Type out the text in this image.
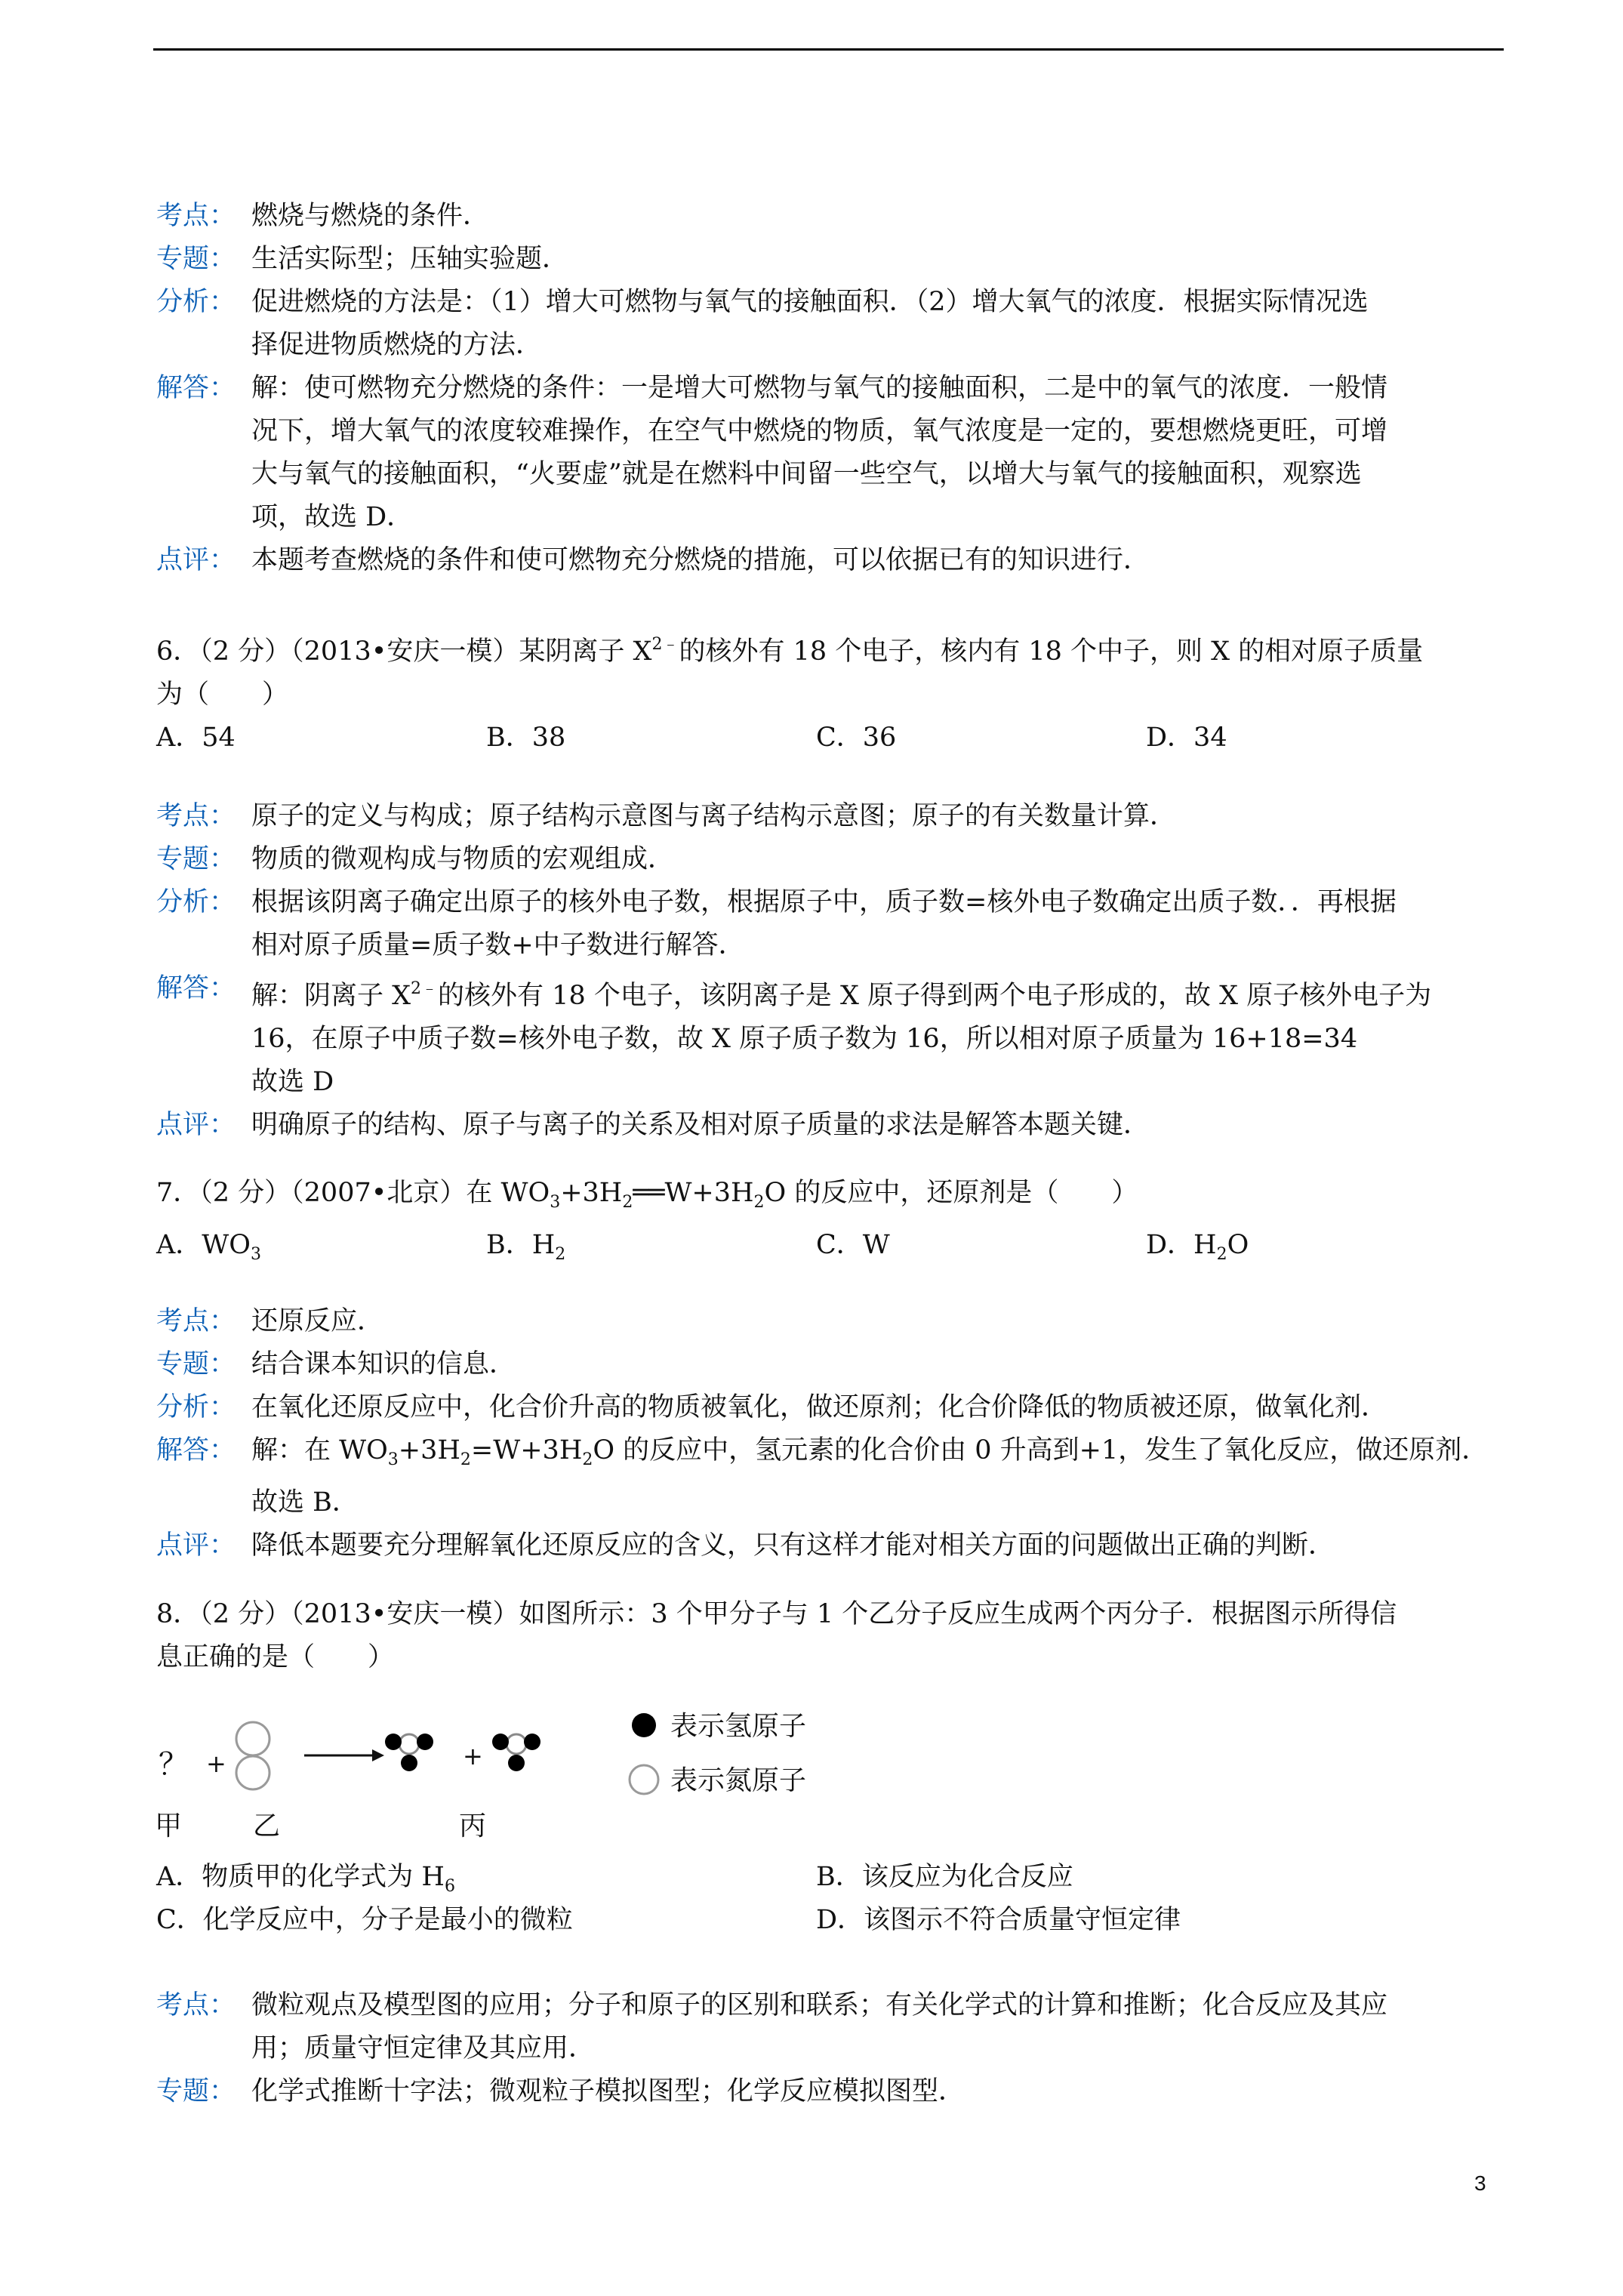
考点： 燃烧与燃烧的条件．
专题： 生活实际型；压轴实验题．
分析： 促进燃烧的方法是：（1）增大可燃物与氧气的接触面积．（2）增大氧气的浓度．根据实际情况选
择促进物质燃烧的方法．
解答： 解：使可燃物充分燃烧的条件：一是增大可燃物与氧气的接触面积，二是中的氧气的浓度．一般情
况下，增大氧气的浓度较难操作，在空气中燃烧的物质，氧气浓度是一定的，要想燃烧更旺，可增
大与氧气的接触面积，“火要虚”就是在燃料中间留一些空气，以增大与氧气的接触面积，观察选
项，故选 D．
点评： 本题考查燃烧的条件和使可燃物充分燃烧的措施，可以依据已有的知识进行．
6．（2 分）（2013•安庆一模）某阴离子 $X^{2﹣}$的核外有 18 个电子，核内有 18 个中子，则 X 的相对原子质量
为（　　）
A．54	B．38	C．36	D．34
考点： 原子的定义与构成；原子结构示意图与离子结构示意图；原子的有关数量计算．
专题： 物质的微观构成与物质的宏观组成．
分析： 根据该阴离子确定出原子的核外电子数，根据原子中，质子数=核外电子数确定出质子数．．再根据
相对原子质量=质子数+中子数进行解答．
解答： 解：阴离子 $X^{2﹣}$的核外有 18 个电子，该阴离子是 X 原子得到两个电子形成的，故 X 原子核外电子为
16，在原子中质子数=核外电子数，故 X 原子质子数为 16，所以相对原子质量为 16+18=34
故选 D
点评： 明确原子的结构、原子与离子的关系及相对原子质量的求法是解答本题关键．
7．（2 分）（2007•北京）在 $WO_3+3H_2══W+3H_2O$ 的反应中，还原剂是（　　）
A．$WO_3$	B．$H_2$	C．W	D．$H_2O$
考点： 还原反应．
专题： 结合课本知识的信息．
分析： 在氧化还原反应中，化合价升高的物质被氧化，做还原剂；化合价降低的物质被还原，做氧化剂．
解答： 解：在 $WO_3+3H_2=W+3H_2O$ 的反应中，氢元素的化合价由 0 升高到+1，发生了氧化反应，做还原剂．
故选 B．
点评： 降低本题要充分理解氧化还原反应的含义，只有这样才能对相关方面的问题做出正确的判断．
8．（2 分）（2013•安庆一模）如图所示：3 个甲分子与 1 个乙分子反应生成两个丙分子．根据图示所得信
息正确的是（　　）
？ +	+
甲	乙	丙
表示氢原子
表示氮原子
A．物质甲的化学式为 $H_6$	B．该反应为化合反应
C．化学反应中，分子是最小的微粒	D．该图示不符合质量守恒定律
考点： 微粒观点及模型图的应用；分子和原子的区别和联系；有关化学式的计算和推断；化合反应及其应
用；质量守恒定律及其应用．
专题： 化学式推断十字法；微观粒子模拟图型；化学反应模拟图型．
3
